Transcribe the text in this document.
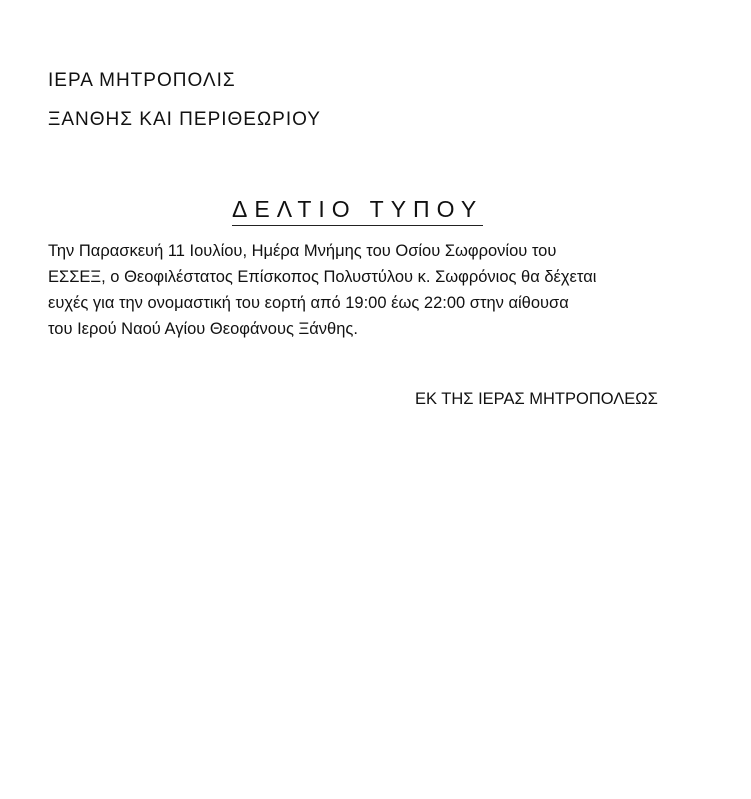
ΙΕΡΑ ΜΗΤΡΟΠΟΛΙΣ
ΞΑΝΘΗΣ ΚΑΙ ΠΕΡΙΘΕΩΡΙΟΥ
ΔΕΛΤΙΟ ΤΥΠΟΥ
Την Παρασκευή 11 Ιουλίου, Ημέρα Μνήμης του Οσίου Σωφρονίου του
ΕΣΣΕΞ, ο Θεοφιλέστατος Επίσκοπος Πολυστύλου κ. Σωφρόνιος θα δέχεται
ευχές για την ονομαστική του εορτή από 19:00 έως 22:00 στην αίθουσα
του Ιερού Ναού Αγίου Θεοφάνους Ξάνθης.
ΕΚ ΤΗΣ ΙΕΡΑΣ ΜΗΤΡΟΠΟΛΕΩΣ
